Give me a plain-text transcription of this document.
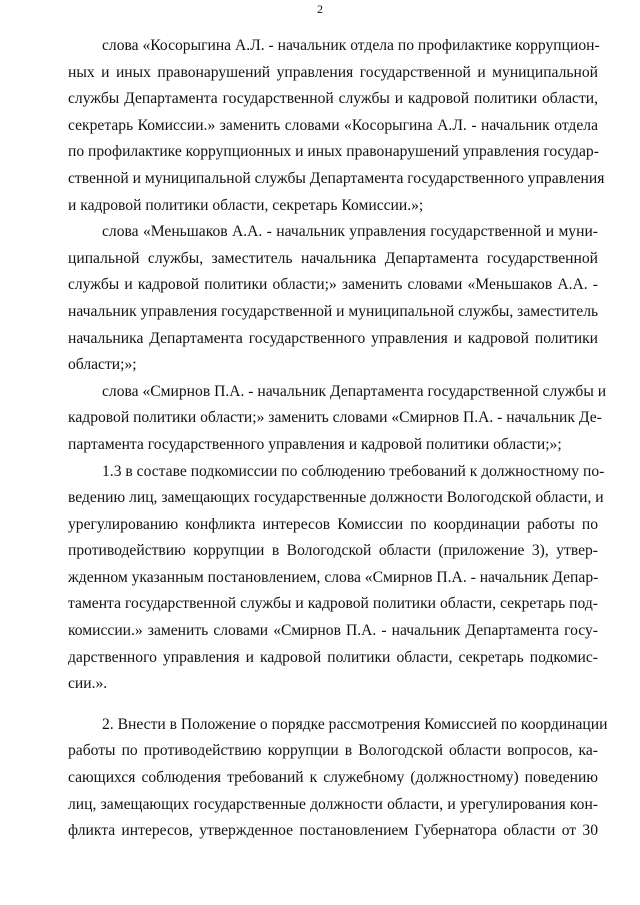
2
слова «Косорыгина А.Л. - начальник отдела по профилактике коррупцион-
ных и иных правонарушений управления государственной и муниципальной
службы Департамента государственной службы и кадровой политики области,
секретарь Комиссии.» заменить словами «Косорыгина А.Л. - начальник отдела
по профилактике коррупционных и иных правонарушений управления государ-
ственной и муниципальной службы Департамента государственного управления
и кадровой политики области, секретарь Комиссии.»;
слова «Меньшаков А.А. - начальник управления государственной и муни-
ципальной службы, заместитель начальника Департамента государственной
службы и кадровой политики области;» заменить словами «Меньшаков А.А. -
начальник управления государственной и муниципальной службы, заместитель
начальника Департамента государственного управления и кадровой политики
области;»;
слова «Смирнов П.А. - начальник Департамента государственной службы и
кадровой политики области;» заменить словами «Смирнов П.А. - начальник Де-
партамента государственного управления и кадровой политики области;»;
1.3 в составе подкомиссии по соблюдению требований к должностному по-
ведению лиц, замещающих государственные должности Вологодской области, и
урегулированию конфликта интересов Комиссии по координации работы по
противодействию коррупции в Вологодской области (приложение 3), утвер-
жденном указанным постановлением, слова «Смирнов П.А. - начальник Депар-
тамента государственной службы и кадровой политики области, секретарь под-
комиссии.» заменить словами «Смирнов П.А. - начальник Департамента госу-
дарственного управления и кадровой политики области, секретарь подкомис-
сии.».
2. Внести в Положение о порядке рассмотрения Комиссией по координации
работы по противодействию коррупции в Вологодской области вопросов, ка-
сающихся соблюдения требований к служебному (должностному) поведению
лиц, замещающих государственные должности области, и урегулирования кон-
фликта интересов, утвержденное постановлением Губернатора области от 30
